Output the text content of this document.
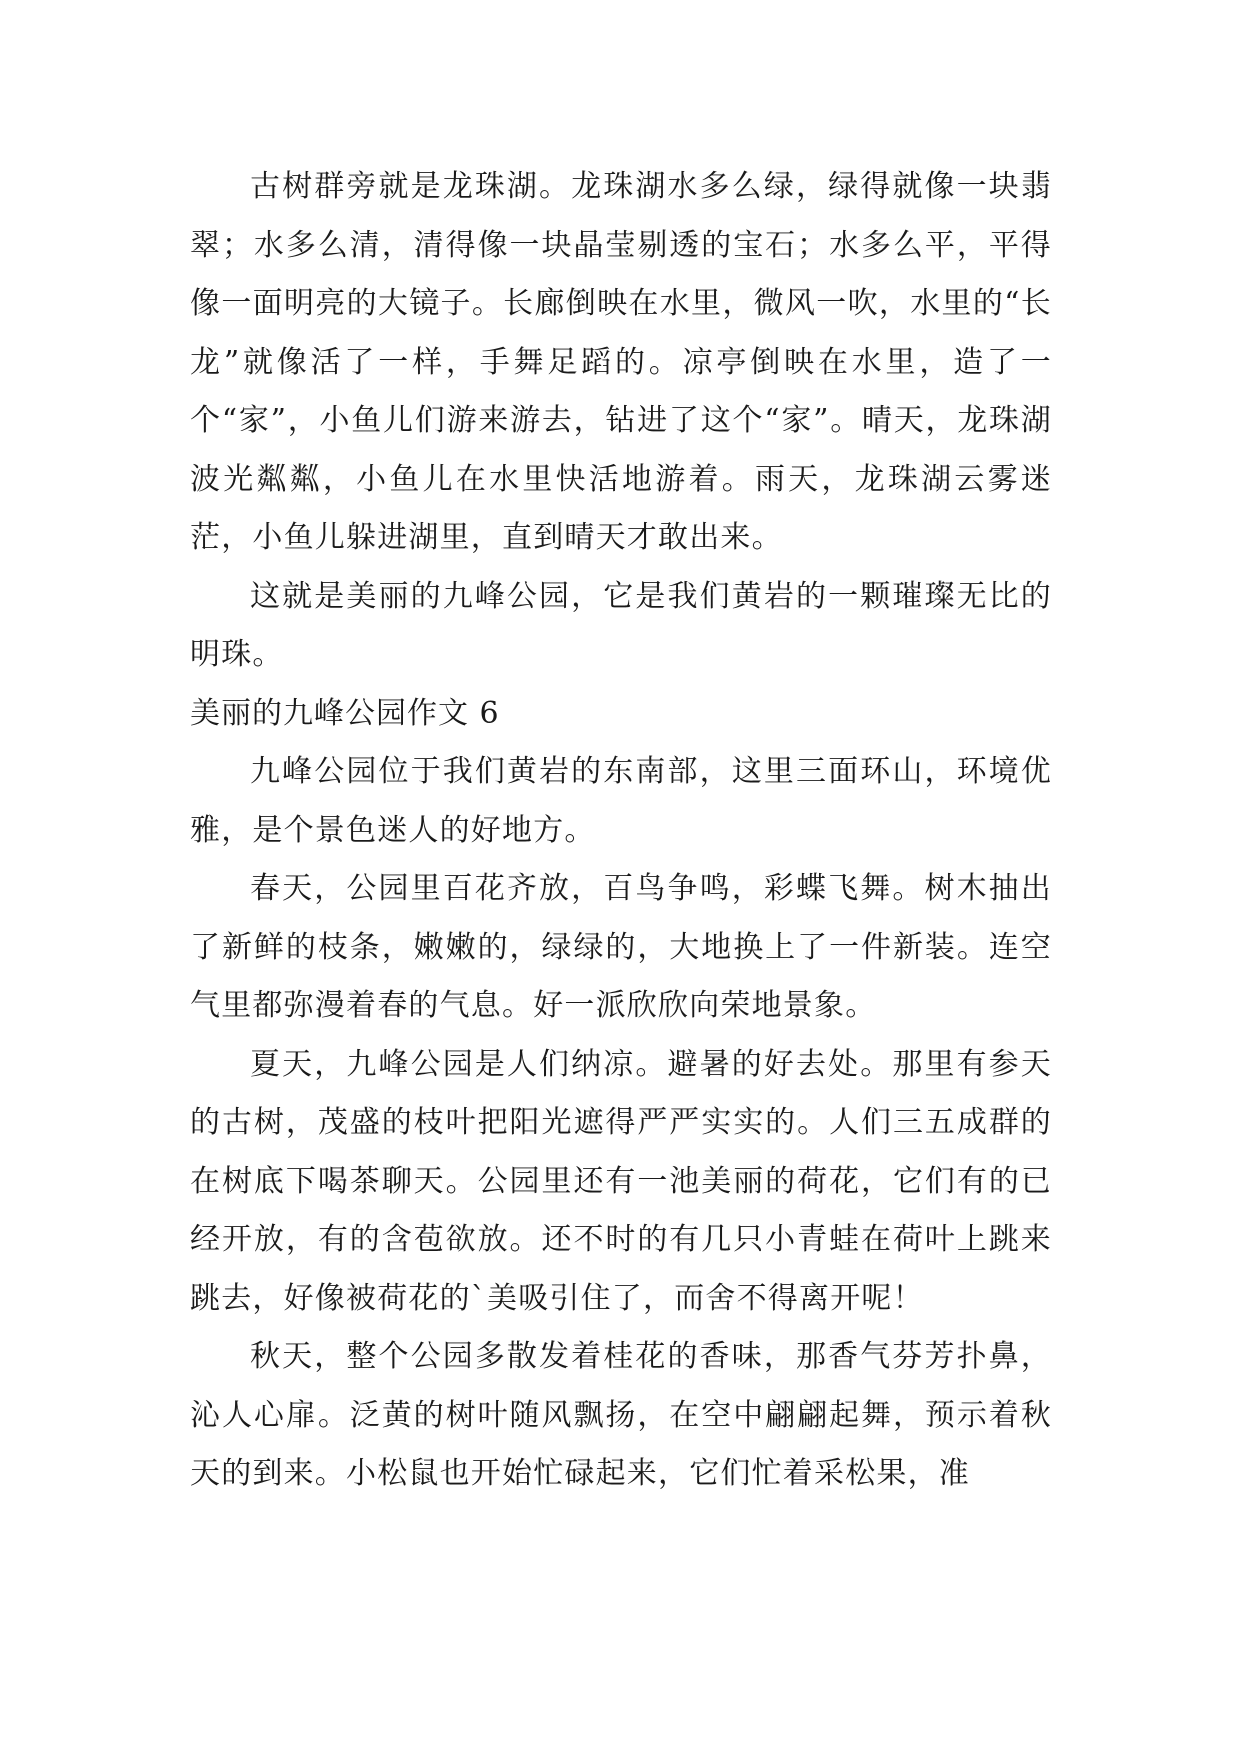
古树群旁就是龙珠湖。龙珠湖水多么绿，绿得就像一块翡翠；水多么清，清得像一块晶莹剔透的宝石；水多么平，平得像一面明亮的大镜子。长廊倒映在水里，微风一吹，水里的“长龙”就像活了一样，手舞足蹈的。凉亭倒映在水里，造了一个“家”，小鱼儿们游来游去，钻进了这个“家”。晴天，龙珠湖波光粼粼，小鱼儿在水里快活地游着。雨天，龙珠湖云雾迷茫，小鱼儿躲进湖里，直到晴天才敢出来。

这就是美丽的九峰公园，它是我们黄岩的一颗璀璨无比的明珠。

美丽的九峰公园作文 6

九峰公园位于我们黄岩的东南部，这里三面环山，环境优雅，是个景色迷人的好地方。

春天，公园里百花齐放，百鸟争鸣，彩蝶飞舞。树木抽出了新鲜的枝条，嫩嫩的，绿绿的，大地换上了一件新装。连空气里都弥漫着春的气息。好一派欣欣向荣地景象。

夏天，九峰公园是人们纳凉。避暑的好去处。那里有参天的古树，茂盛的枝叶把阳光遮得严严实实的。人们三五成群的在树底下喝茶聊天。公园里还有一池美丽的荷花，它们有的已经开放，有的含苞欲放。还不时的有几只小青蛙在荷叶上跳来跳去，好像被荷花的`美吸引住了，而舍不得离开呢！

秋天，整个公园多散发着桂花的香味，那香气芬芳扑鼻，沁人心扉。泛黄的树叶随风飘扬，在空中翩翩起舞，预示着秋天的到来。小松鼠也开始忙碌起来，它们忙着采松果，准
